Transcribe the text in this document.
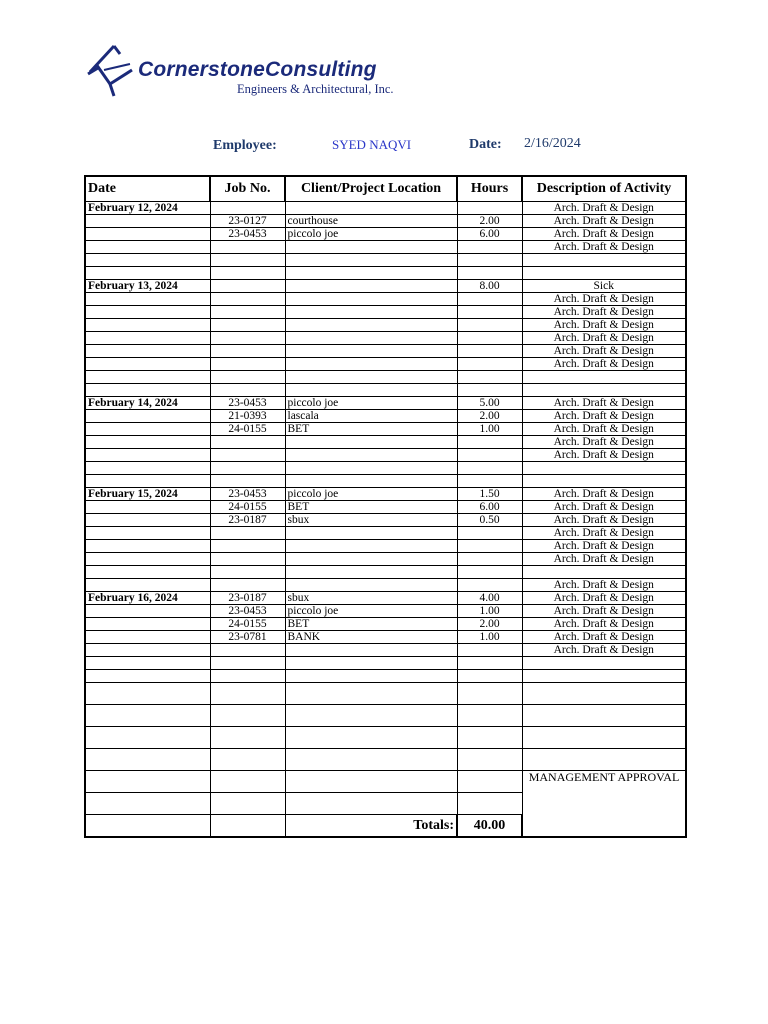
CornerstoneConsulting
Engineers & Architectural, Inc.
Employee:	SYED NAQVI	Date: 2/16/2024
Date	Job No.	Client/Project Location	Hours	Description of Activity
February 12, 2024				Arch. Draft & Design
	23-0127	courthouse	2.00	Arch. Draft & Design
	23-0453	piccolo joe	6.00	Arch. Draft & Design
				Arch. Draft & Design

February 13, 2024			8.00	Sick
				Arch. Draft & Design
				Arch. Draft & Design
				Arch. Draft & Design
				Arch. Draft & Design
				Arch. Draft & Design
				Arch. Draft & Design

February 14, 2024	23-0453	piccolo joe	5.00	Arch. Draft & Design
	21-0393	lascala	2.00	Arch. Draft & Design
	24-0155	BET	1.00	Arch. Draft & Design
				Arch. Draft & Design
				Arch. Draft & Design

February 15, 2024	23-0453	piccolo joe	1.50	Arch. Draft & Design
	24-0155	BET	6.00	Arch. Draft & Design
	23-0187	sbux	0.50	Arch. Draft & Design
				Arch. Draft & Design
				Arch. Draft & Design
				Arch. Draft & Design

				Arch. Draft & Design
February 16, 2024	23-0187	sbux	4.00	Arch. Draft & Design
	23-0453	piccolo joe	1.00	Arch. Draft & Design
	24-0155	BET	2.00	Arch. Draft & Design
	23-0781	BANK	1.00	Arch. Draft & Design
				Arch. Draft & Design

				MANAGEMENT APPROVAL

		Totals:	40.00	
